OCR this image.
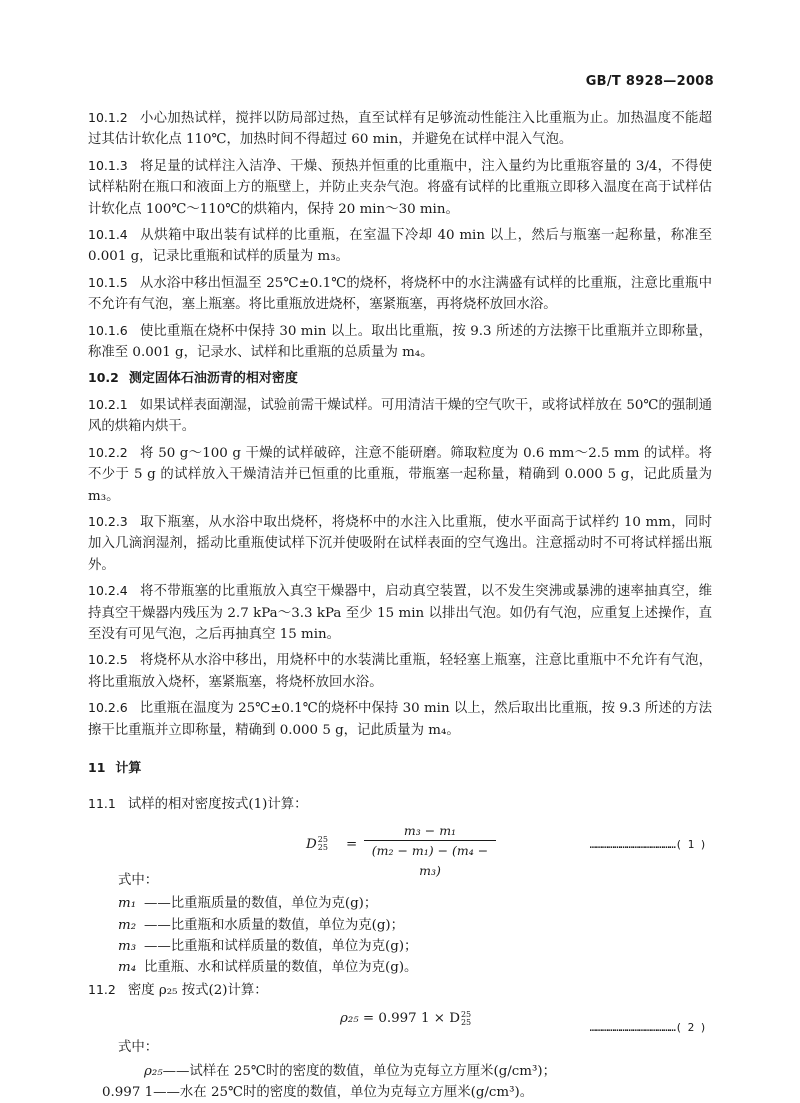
GB/T 8928—2008

10.1.2 小心加热试样，搅拌以防局部过热，直至试样有足够流动性能注入比重瓶为止。加热温度不能超过其估计软化点 110℃，加热时间不得超过 60 min，并避免在试样中混入气泡。

10.1.3 将足量的试样注入洁净、干燥、预热并恒重的比重瓶中，注入量约为比重瓶容量的 3/4，不得使试样粘附在瓶口和液面上方的瓶壁上，并防止夹杂气泡。将盛有试样的比重瓶立即移入温度在高于试样估计软化点 100℃～110℃的烘箱内，保持 20 min～30 min。

10.1.4 从烘箱中取出装有试样的比重瓶，在室温下冷却 40 min 以上，然后与瓶塞一起称量，称准至 0.001 g，记录比重瓶和试样的质量为 m₃。

10.1.5 从水浴中移出恒温至 25℃±0.1℃的烧杯，将烧杯中的水注满盛有试样的比重瓶，注意比重瓶中不允许有气泡，塞上瓶塞。将比重瓶放进烧杯，塞紧瓶塞，再将烧杯放回水浴。

10.1.6 使比重瓶在烧杯中保持 30 min 以上。取出比重瓶，按 9.3 所述的方法擦干比重瓶并立即称量，称准至 0.001 g，记录水、试样和比重瓶的总质量为 m₄。

10.2 测定固体石油沥青的相对密度

10.2.1 如果试样表面潮湿，试验前需干燥试样。可用清洁干燥的空气吹干，或将试样放在 50℃的强制通风的烘箱内烘干。

10.2.2 将 50 g～100 g 干燥的试样破碎，注意不能研磨。筛取粒度为 0.6 mm～2.5 mm 的试样。将不少于 5 g 的试样放入干燥清洁并已恒重的比重瓶，带瓶塞一起称量，精确到 0.000 5 g，记此质量为 m₃。

10.2.3 取下瓶塞，从水浴中取出烧杯，将烧杯中的水注入比重瓶，使水平面高于试样约 10 mm，同时加入几滴润湿剂，摇动比重瓶使试样下沉并使吸附在试样表面的空气逸出。注意摇动时不可将试样摇出瓶外。

10.2.4 将不带瓶塞的比重瓶放入真空干燥器中，启动真空装置，以不发生突沸或暴沸的速率抽真空，维持真空干燥器内残压为 2.7 kPa～3.3 kPa 至少 15 min 以排出气泡。如仍有气泡，应重复上述操作，直至没有可见气泡，之后再抽真空 15 min。

10.2.5 将烧杯从水浴中移出，用烧杯中的水装满比重瓶，轻轻塞上瓶塞，注意比重瓶中不允许有气泡，将比重瓶放入烧杯，塞紧瓶塞，将烧杯放回水浴。

10.2.6 比重瓶在温度为 25℃±0.1℃的烧杯中保持 30 min 以上，然后取出比重瓶，按 9.3 所述的方法擦干比重瓶并立即称量，精确到 0.000 5 g，记此质量为 m₄。

11 计算

11.1 试样的相对密度按式(1)计算：

D 25
$25 = \frac{\text{m₃ − m₁}}{\text{(m₂ − m₁) − (m₄ − m₃)}}$	……………………………………( 1 )

式中：

m₁ ——比重瓶质量的数值，单位为克(g)；

m₂ ——比重瓶和水质量的数值，单位为克(g)；

m₃ ——比重瓶和试样质量的数值，单位为克(g)；

m₄ 比重瓶、水和试样质量的数值，单位为克(g)。

11.2 密度 ρ₂₅ 按式(2)计算：

ρ₂₅ = 0.997 1 × D 25
25	……………………………………( 2 )

式中：

ρ₂₅——试样在 25℃时的密度的数值，单位为克每立方厘米(g/cm³)；

0.997 1——水在 25℃时的密度的数值，单位为克每立方厘米(g/cm³)。
